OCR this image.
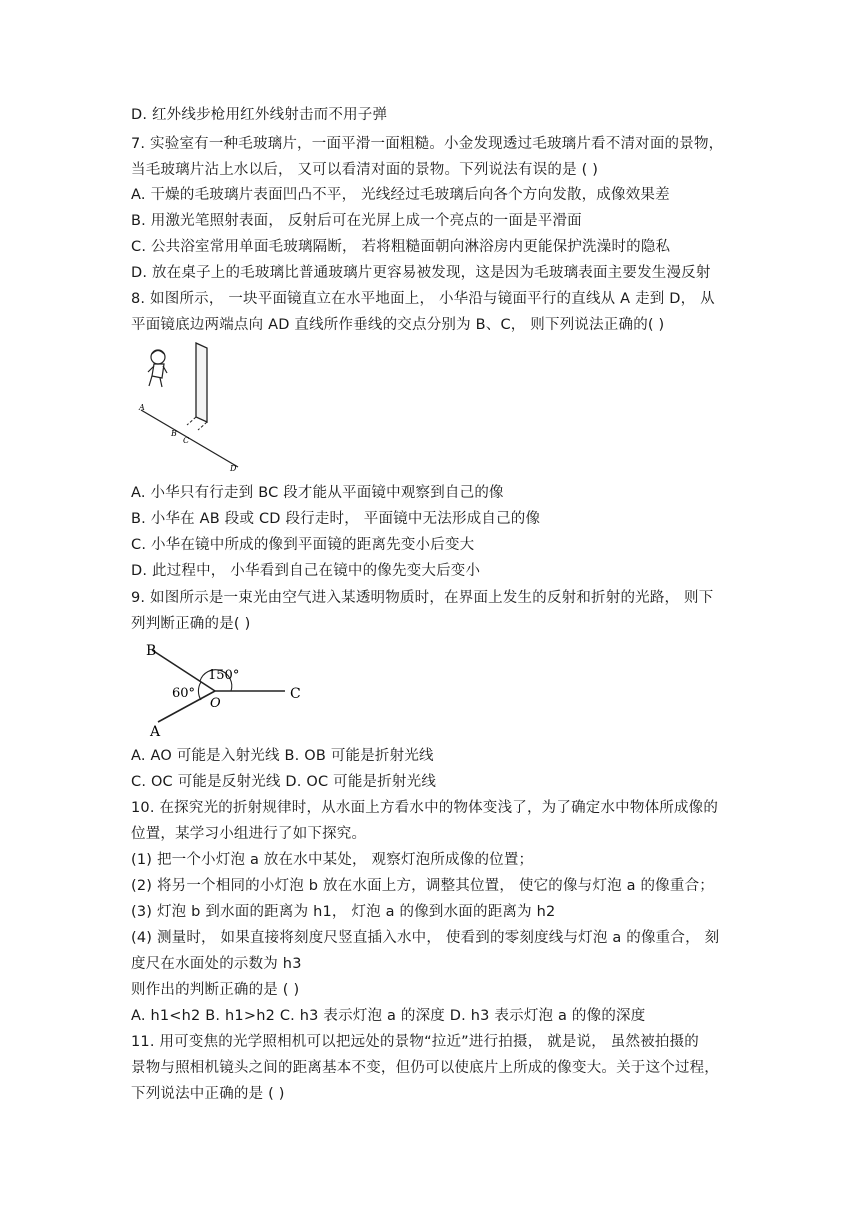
D. 红外线步枪用红外线射击而不用子弹
7. 实验室有一种毛玻璃片，一面平滑一面粗糙。小金发现透过毛玻璃片看不清对面的景物，
当毛玻璃片沾上水以后， 又可以看清对面的景物。下列说法有误的是 ( )
A. 干燥的毛玻璃片表面凹凸不平， 光线经过毛玻璃后向各个方向发散，成像效果差
B. 用激光笔照射表面， 反射后可在光屏上成一个亮点的一面是平滑面
C. 公共浴室常用单面毛玻璃隔断， 若将粗糙面朝向淋浴房内更能保护洗澡时的隐私
D. 放在桌子上的毛玻璃比普通玻璃片更容易被发现，这是因为毛玻璃表面主要发生漫反射
8. 如图所示， 一块平面镜直立在水平地面上， 小华沿与镜面平行的直线从 A 走到 D， 从
平面镜底边两端点向 AD 直线所作垂线的交点分别为 B、C， 则下列说法正确的( )
A
B
C
D
A. 小华只有行走到 BC 段才能从平面镜中观察到自己的像
B. 小华在 AB 段或 CD 段行走时， 平面镜中无法形成自己的像
C. 小华在镜中所成的像到平面镜的距离先变小后变大
D. 此过程中， 小华看到自己在镜中的像先变大后变小
9. 如图所示是一束光由空气进入某透明物质时，在界面上发生的反射和折射的光路， 则下
列判断正确的是( )
B
A
O
C
150°
60°
A. AO 可能是入射光线 B. OB 可能是折射光线
C. OC 可能是反射光线 D. OC 可能是折射光线
10. 在探究光的折射规律时，从水面上方看水中的物体变浅了，为了确定水中物体所成像的
位置，某学习小组进行了如下探究。
(1) 把一个小灯泡 a 放在水中某处， 观察灯泡所成像的位置；
(2) 将另一个相同的小灯泡 b 放在水面上方，调整其位置， 使它的像与灯泡 a 的像重合；
(3) 灯泡 b 到水面的距离为 h1， 灯泡 a 的像到水面的距离为 h2
(4) 测量时， 如果直接将刻度尺竖直插入水中， 使看到的零刻度线与灯泡 a 的像重合， 刻
度尺在水面处的示数为 h3
则作出的判断正确的是 ( )
A. h1<h2 B. h1>h2 C. h3 表示灯泡 a 的深度 D. h3 表示灯泡 a 的像的深度
11. 用可变焦的光学照相机可以把远处的景物“拉近”进行拍摄， 就是说， 虽然被拍摄的
景物与照相机镜头之间的距离基本不变，但仍可以使底片上所成的像变大。关于这个过程，
下列说法中正确的是 ( )
